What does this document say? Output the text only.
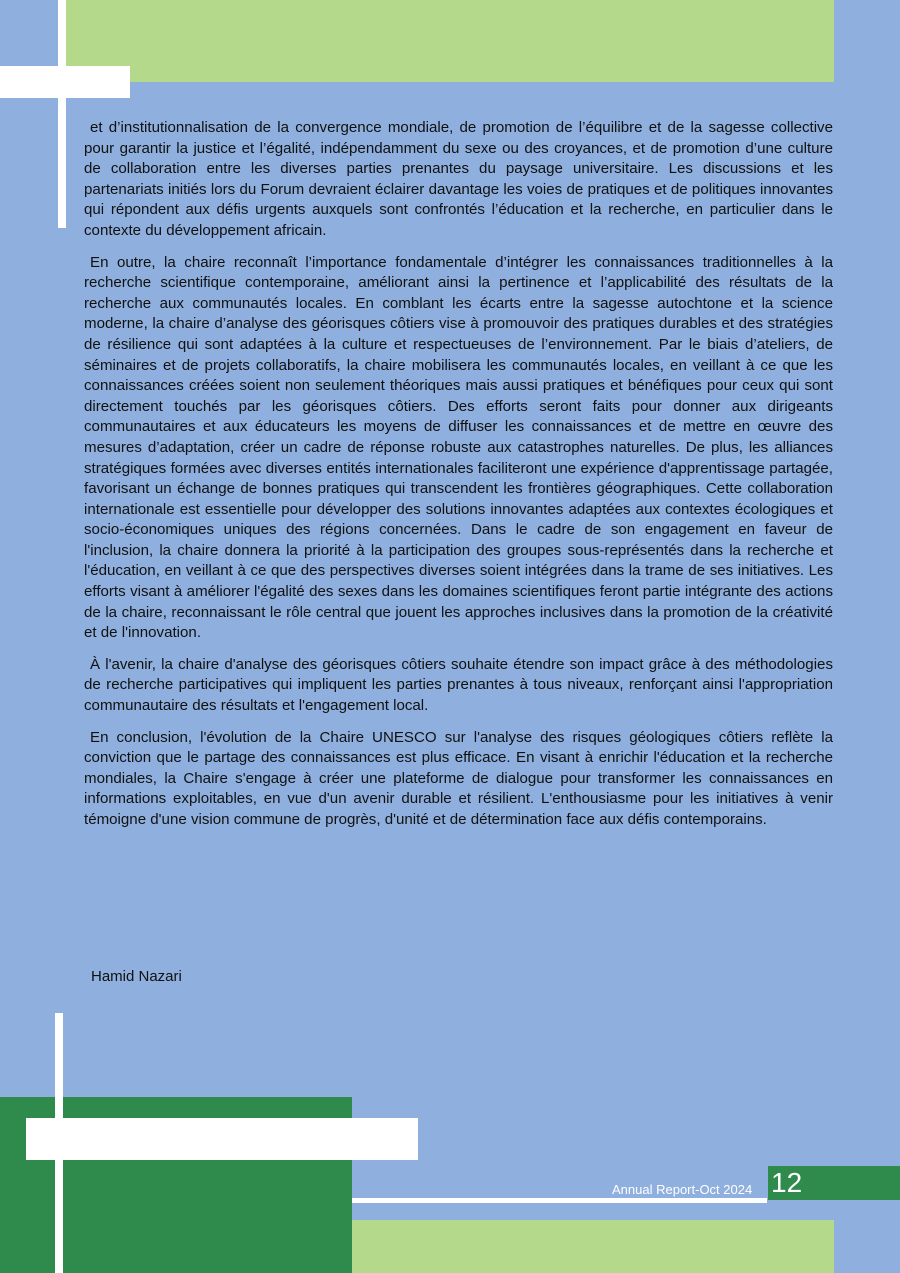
et d’institutionnalisation de la convergence mondiale, de promotion de l’équilibre et de la sagesse collective pour garantir la justice et l’égalité, indépendamment du sexe ou des croyances, et de promotion d’une culture de collaboration entre les diverses parties prenantes du paysage universitaire. Les discussions et les partenariats initiés lors du Forum devraient éclairer davantage les voies de pratiques et de politiques innovantes qui répondent aux défis urgents auxquels sont confrontés l’éducation et la recherche, en particulier dans le contexte du développement africain.

En outre, la chaire reconnaît l’importance fondamentale d’intégrer les connaissances traditionnelles à la recherche scientifique contemporaine, améliorant ainsi la pertinence et l’applicabilité des résultats de la recherche aux communautés locales. En comblant les écarts entre la sagesse autochtone et la science moderne, la chaire d’analyse des géorisques côtiers vise à promouvoir des pratiques durables et des stratégies de résilience qui sont adaptées à la culture et respectueuses de l’environnement. Par le biais d’ateliers, de séminaires et de projets collaboratifs, la chaire mobilisera les communautés locales, en veillant à ce que les connaissances créées soient non seulement théoriques mais aussi pratiques et bénéfiques pour ceux qui sont directement touchés par les géorisques côtiers. Des efforts seront faits pour donner aux dirigeants communautaires et aux éducateurs les moyens de diffuser les connaissances et de mettre en œuvre des mesures d’adaptation, créer un cadre de réponse robuste aux catastrophes naturelles. De plus, les alliances stratégiques formées avec diverses entités internationales faciliteront une expérience d'apprentissage partagée, favorisant un échange de bonnes pratiques qui transcendent les frontières géographiques. Cette collaboration internationale est essentielle pour développer des solutions innovantes adaptées aux contextes écologiques et socio-économiques uniques des régions concernées. Dans le cadre de son engagement en faveur de l'inclusion, la chaire donnera la priorité à la participation des groupes sous-représentés dans la recherche et l'éducation, en veillant à ce que des perspectives diverses soient intégrées dans la trame de ses initiatives. Les efforts visant à améliorer l'égalité des sexes dans les domaines scientifiques feront partie intégrante des actions de la chaire, reconnaissant le rôle central que jouent les approches inclusives dans la promotion de la créativité et de l'innovation.

À l'avenir, la chaire d'analyse des géorisques côtiers souhaite étendre son impact grâce à des méthodologies de recherche participatives qui impliquent les parties prenantes à tous niveaux, renforçant ainsi l'appropriation communautaire des résultats et l'engagement local.

En conclusion, l'évolution de la Chaire UNESCO sur l'analyse des risques géologiques côtiers reflète la conviction que le partage des connaissances est plus efficace. En visant à enrichir l'éducation et la recherche mondiales, la Chaire s'engage à créer une plateforme de dialogue pour transformer les connaissances en informations exploitables, en vue d'un avenir durable et résilient. L'enthousiasme pour les initiatives à venir témoigne d'une vision commune de progrès, d'unité et de détermination face aux défis contemporains.

Hamid Nazari
Annual Report-Oct 2024 12
